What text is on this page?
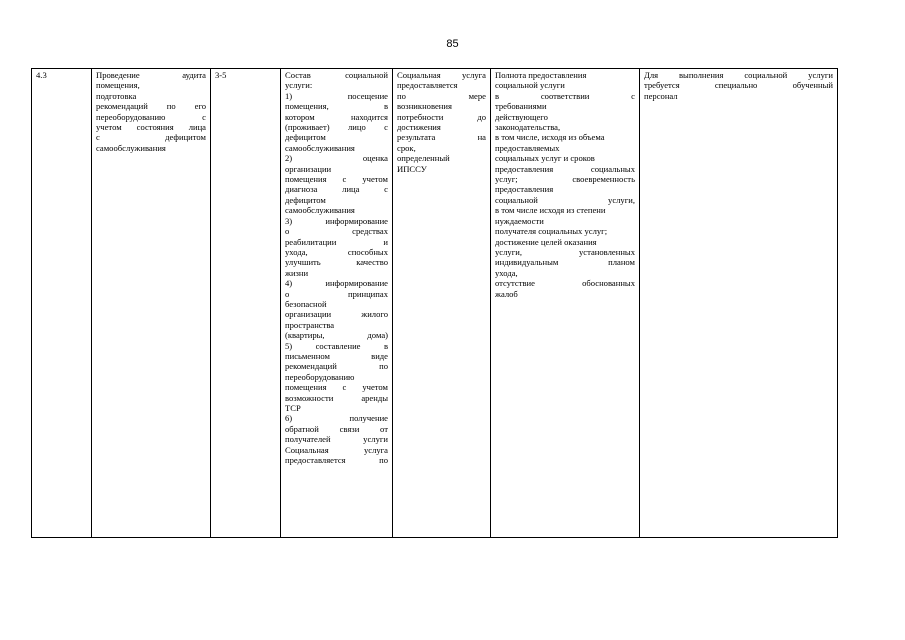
85
4.3	Проведение аудита
помещения,
подготовка
рекомендаций по его
переоборудованию с
учетом состояния лица
с дефицитом
самообслуживания
	3-5	Состав социальной
услуги:
1) посещение
помещения, в
котором находится
(проживает) лицо с
дефицитом
самообслуживания
2) оценка
организации
помещения с учетом
диагноза лица с
дефицитом
самообслуживания
3) информирование
о средствах
реабилитации и
ухода, способных
улучшить качество
жизни
4) информирование
о принципах
безопасной
организации жилого
пространства
(квартиры, дома)
5) составление в
письменном виде
рекомендаций по
переоборудованию
помещения с учетом
возможности аренды
ТСР
6) получение
обратной связи от
получателей услуги
Социальная услуга
предоставляется по

Социальная услуга
предоставляется
по мере
возникновения
потребности до
достижения
результата на
срок,
определенный
ИПССУ

Полнота предоставления
социальной услуги
в соответствии с
требованиями
действующего
законодательства,
в том числе, исходя из объема
предоставляемых
социальных услуг и сроков
предоставления социальных
услуг; своевременность
предоставления
социальной услуги,
в том числе исходя из степени
нуждаемости
получателя социальных услуг;
достижение целей оказания
услуги, установленных
индивидуальным планом
ухода,
отсутствие обоснованных
жалоб

Для выполнения социальной услуги
требуется специально обученный
персонал
